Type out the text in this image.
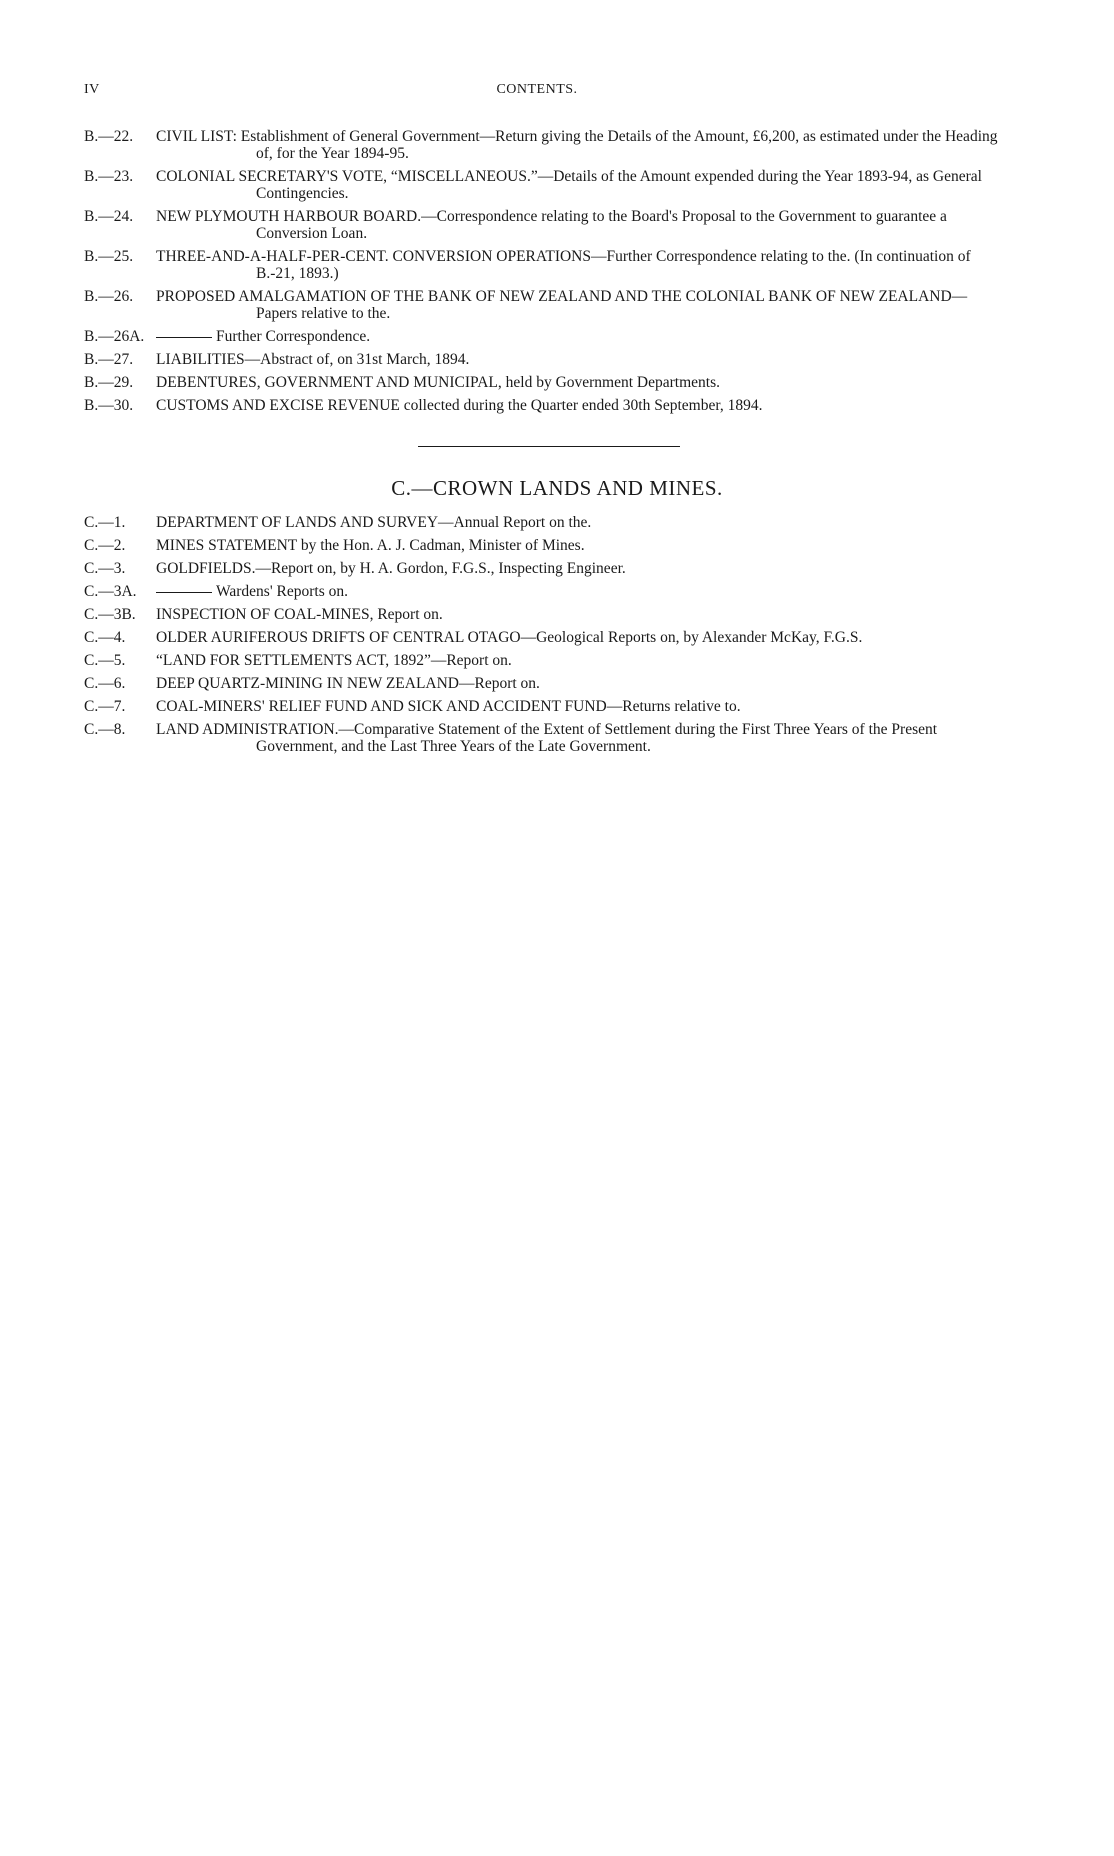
IV	CONTENTS.
B.—22.	CIVIL LIST: Establishment of General Government—Return giving the Details of the Amount, £6,200, as estimated under the Heading of, for the Year 1894-95.
B.—23.	COLONIAL SECRETARY'S VOTE, “MISCELLANEOUS.”—Details of the Amount expended during the Year 1893-94, as General Contingencies.
B.—24.	NEW PLYMOUTH HARBOUR BOARD.—Correspondence relating to the Board's Proposal to the Government to guarantee a Conversion Loan.
B.—25.	THREE-AND-A-HALF-PER-CENT. CONVERSION OPERATIONS—Further Correspondence relating to the. (In continuation of B.-21, 1893.)
B.—26.	PROPOSED AMALGAMATION OF THE BANK OF NEW ZEALAND AND THE COLONIAL BANK OF NEW ZEALAND—Papers relative to the.
B.—26A.	Further Correspondence.
B.—27.	LIABILITIES—Abstract of, on 31st March, 1894.
B.—29.	DEBENTURES, GOVERNMENT AND MUNICIPAL, held by Government Departments.
B.—30.	CUSTOMS AND EXCISE REVENUE collected during the Quarter ended 30th September, 1894.
C.—CROWN LANDS AND MINES.
C.—1.	DEPARTMENT OF LANDS AND SURVEY—Annual Report on the.
C.—2.	MINES STATEMENT by the Hon. A. J. Cadman, Minister of Mines.
C.—3.	GOLDFIELDS.—Report on, by H. A. Gordon, F.G.S., Inspecting Engineer.
C.—3A.	Wardens' Reports on.
C.—3B.	INSPECTION OF COAL-MINES, Report on.
C.—4.	OLDER AURIFEROUS DRIFTS OF CENTRAL OTAGO—Geological Reports on, by Alexander McKay, F.G.S.
C.—5.	“LAND FOR SETTLEMENTS ACT, 1892”—Report on.
C.—6.	DEEP QUARTZ-MINING IN NEW ZEALAND—Report on.
C.—7.	COAL-MINERS' RELIEF FUND AND SICK AND ACCIDENT FUND—Returns relative to.
C.—8.	LAND ADMINISTRATION.—Comparative Statement of the Extent of Settlement during the First Three Years of the Present Government, and the Last Three Years of the Late Government.
